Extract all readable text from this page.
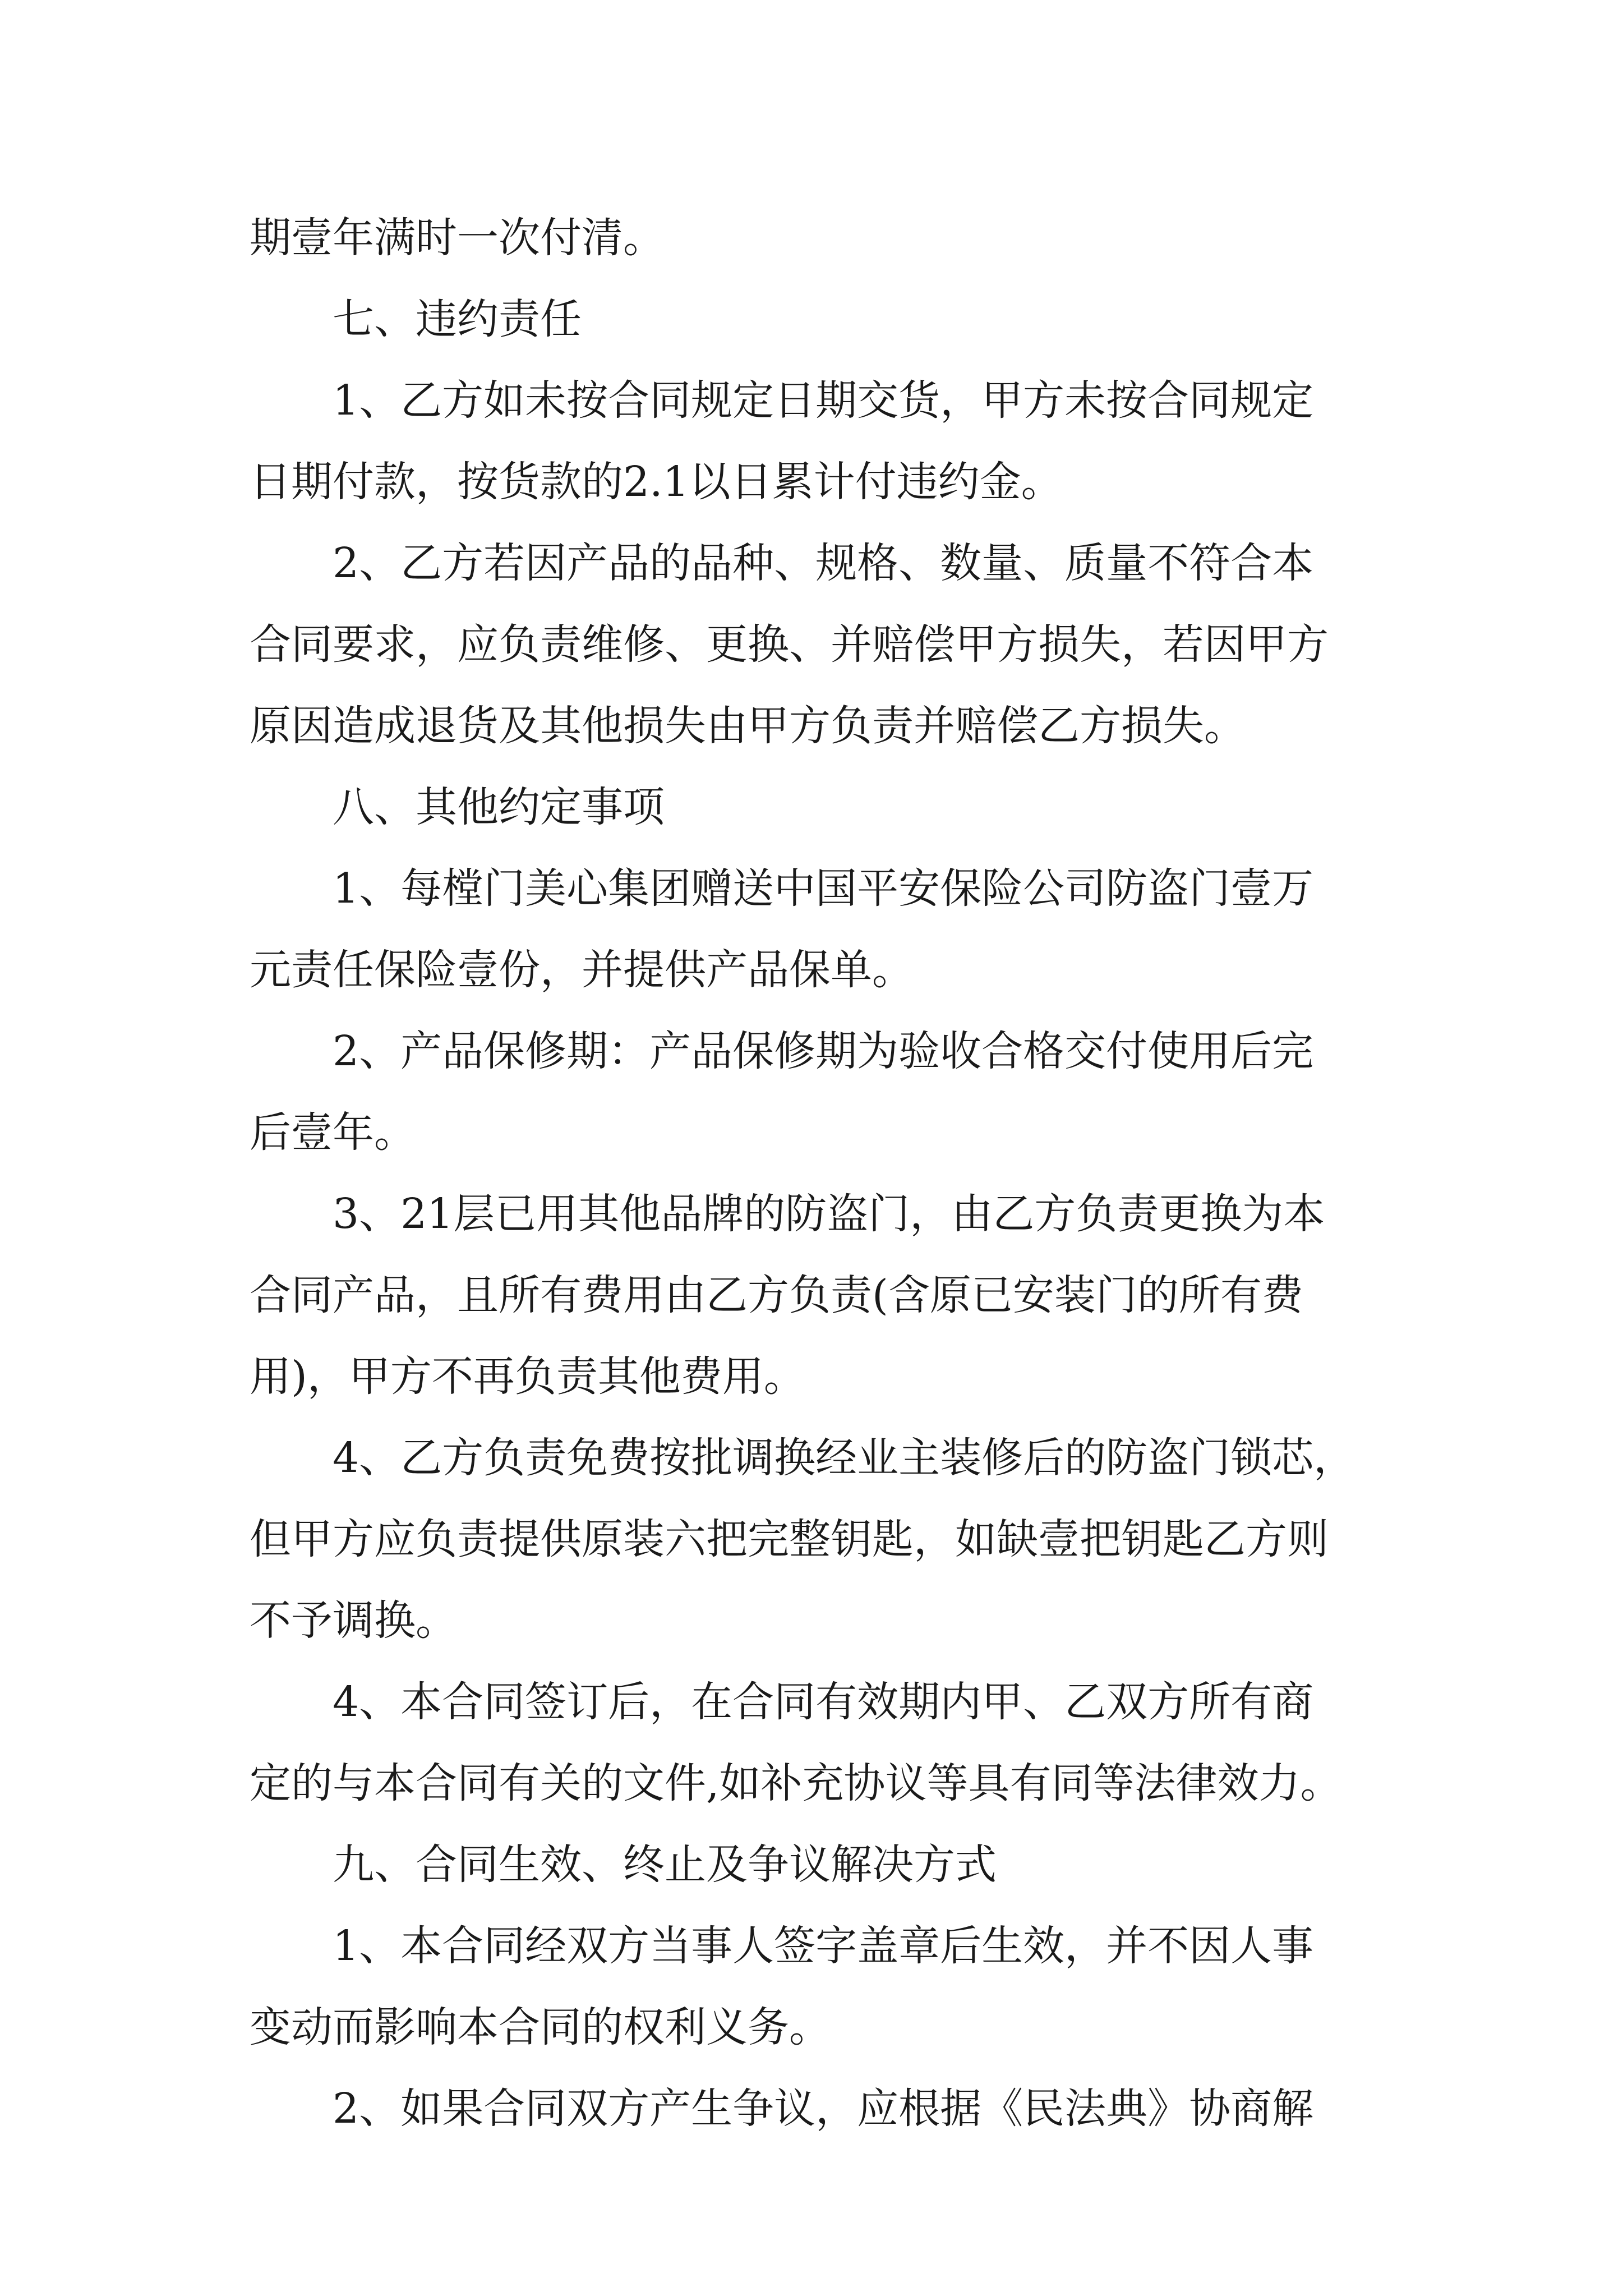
期壹年满时一次付清。
七、违约责任
1、乙方如未按合同规定日期交货，甲方未按合同规定
日期付款，按货款的2.1以日累计付违约金。
2、乙方若因产品的品种、规格、数量、质量不符合本
合同要求，应负责维修、更换、并赔偿甲方损失，若因甲方
原因造成退货及其他损失由甲方负责并赔偿乙方损失。
八、其他约定事项
1、每樘门美心集团赠送中国平安保险公司防盗门壹万
元责任保险壹份，并提供产品保单。
2、产品保修期：产品保修期为验收合格交付使用后完
后壹年。
3、21层已用其他品牌的防盗门，由乙方负责更换为本
合同产品，且所有费用由乙方负责(含原已安装门的所有费
用)，甲方不再负责其他费用。
4、乙方负责免费按批调换经业主装修后的防盗门锁芯，
但甲方应负责提供原装六把完整钥匙，如缺壹把钥匙乙方则
不予调换。
4、本合同签订后，在合同有效期内甲、乙双方所有商
定的与本合同有关的文件,如补充协议等具有同等法律效力。
九、合同生效、终止及争议解决方式
1、本合同经双方当事人签字盖章后生效，并不因人事
变动而影响本合同的权利义务。
2、如果合同双方产生争议，应根据《民法典》协商解
